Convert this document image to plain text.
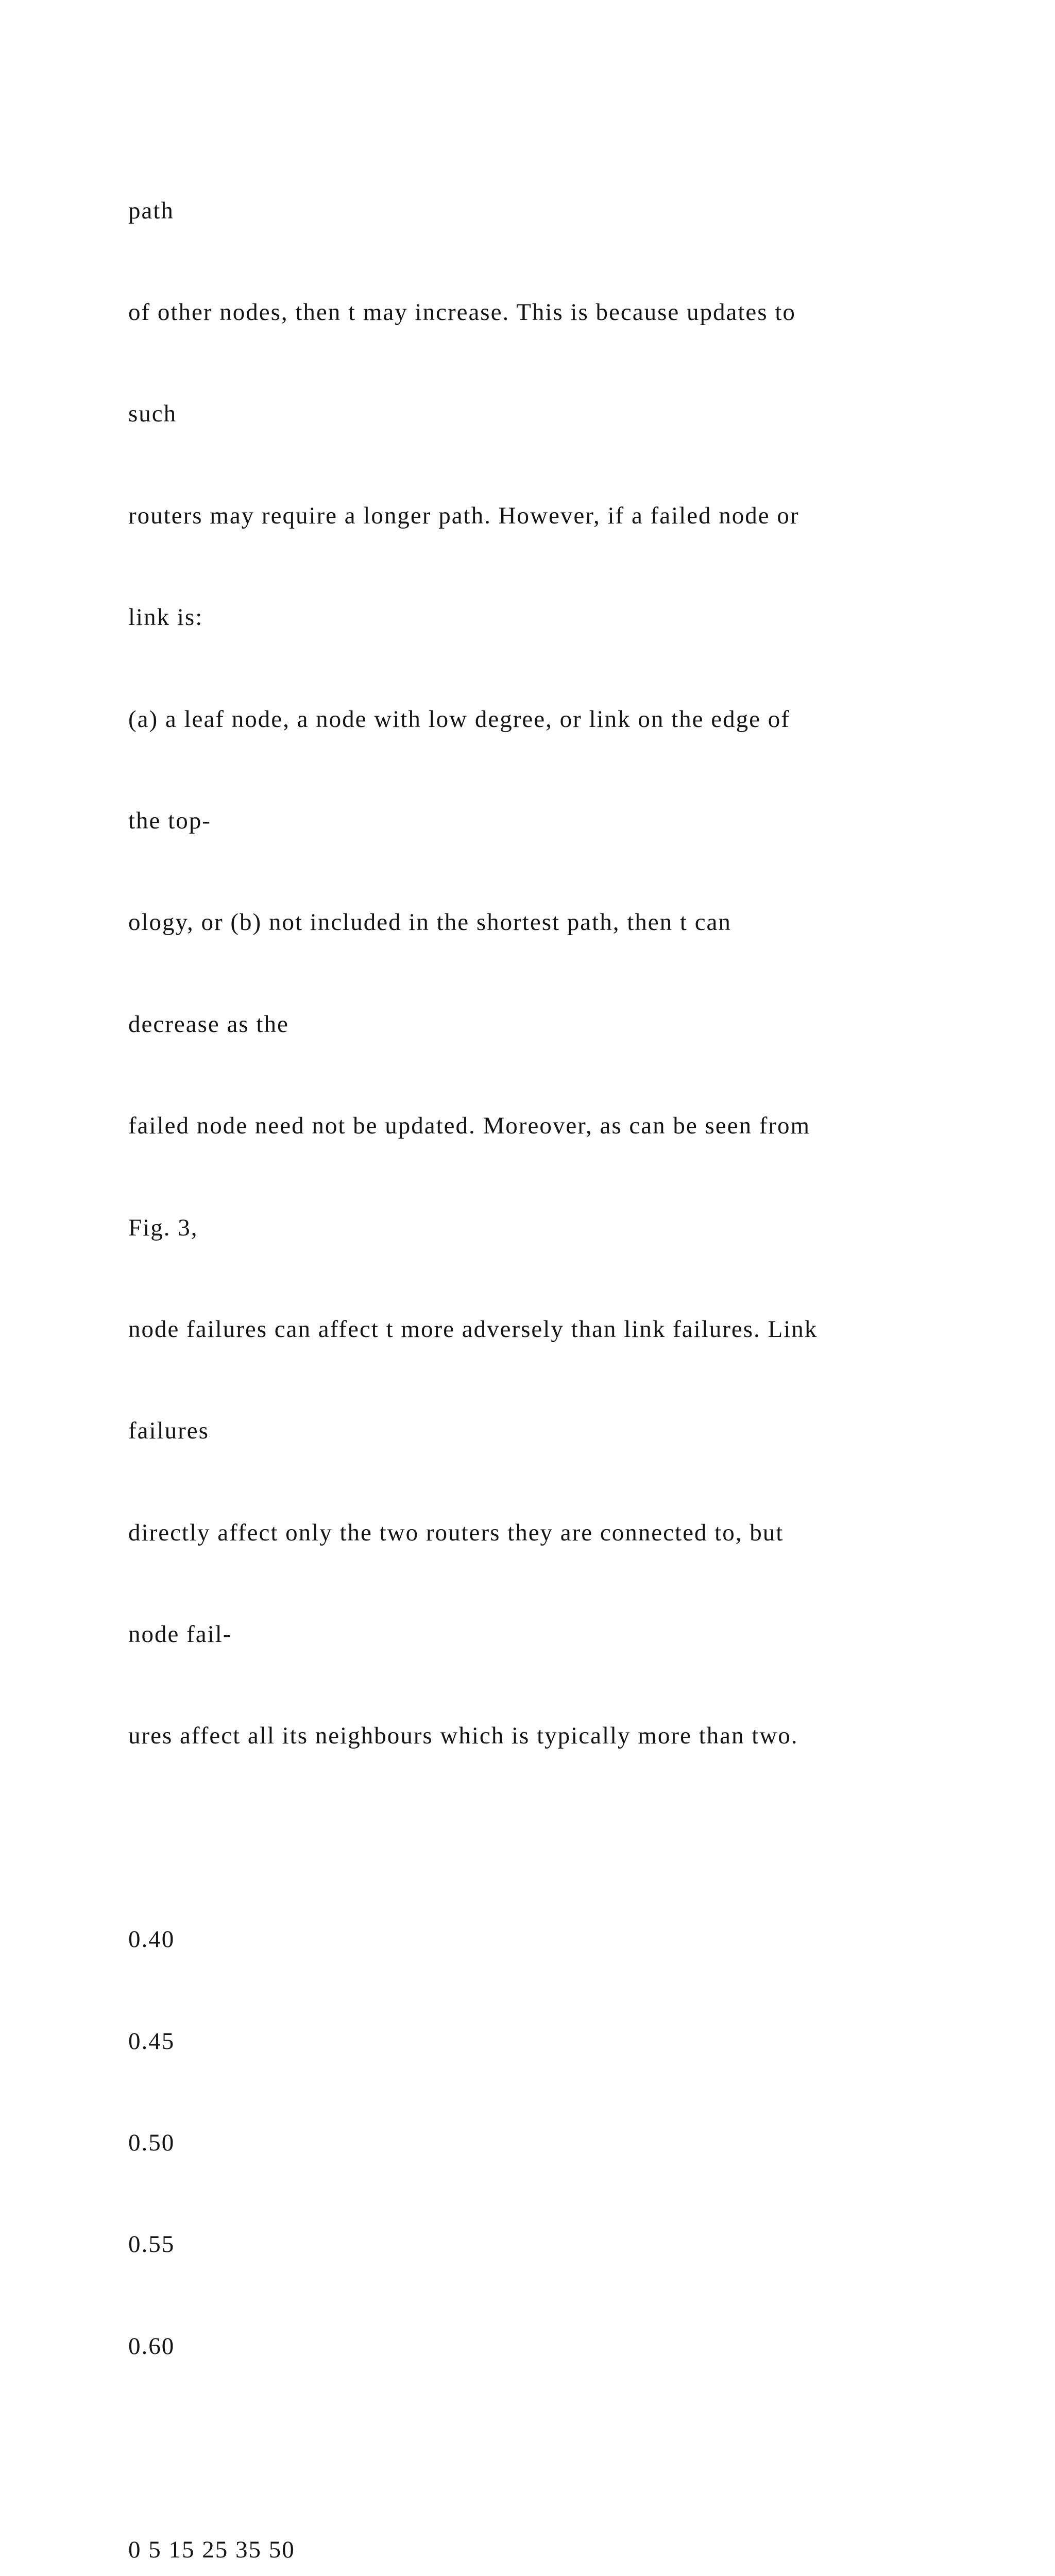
path

of other nodes, then t may increase. This is because updates to

such

routers may require a longer path. However, if a failed node or

link is:

(a) a leaf node, a node with low degree, or link on the edge of

the top-

ology, or (b) not included in the shortest path, then t can

decrease as the

failed node need not be updated. Moreover, as can be seen from

Fig. 3,

node failures can affect t more adversely than link failures. Link

failures

directly affect only the two routers they are connected to, but

node fail-

ures affect all its neighbours which is typically more than two.

0.40

0.45

0.50

0.55

0.60

0 5 15 25 35 50
